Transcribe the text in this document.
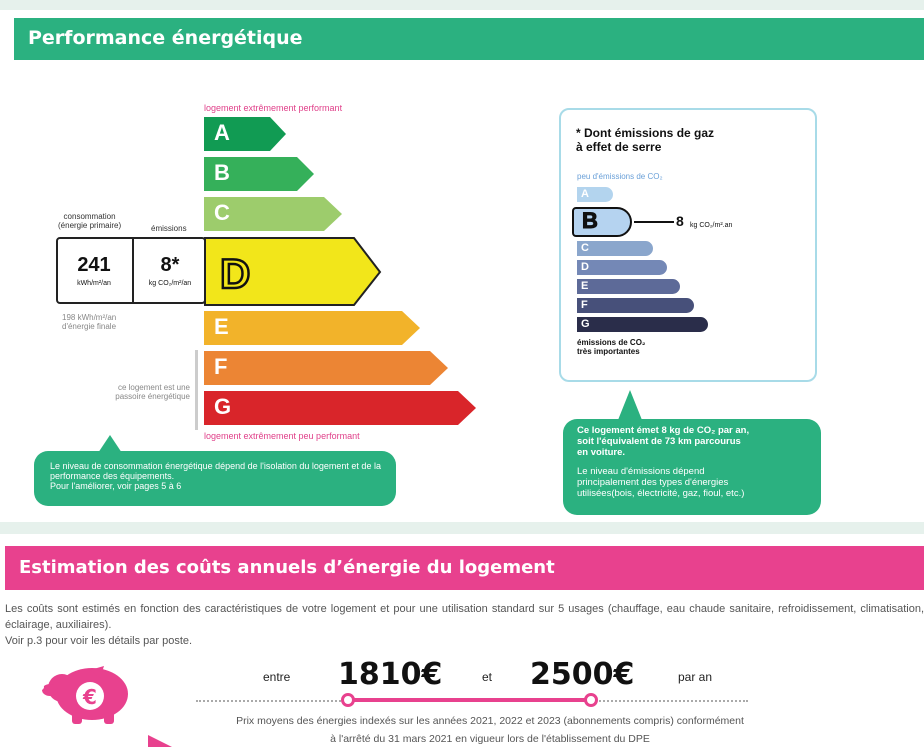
Performance énergétique
logement extrêmement performant
A
B
C
D
E
F
G
logement extrêmement peu performant
consommation
(énergie primaire)	émissions
241
kWh/m²/an
8*
kg CO₂/m²/an
198 kWh/m²/an
d'énergie finale
ce logement est une
passoire énergétique
Le niveau de consommation énergétique dépend de l'isolation du logement et de la performance des équipements.
Pour l'améliorer, voir pages 5 à 6
* Dont émissions de gaz
à effet de serre
peu d'émissions de CO₂
A
B	8 kg CO₂/m².an
C
D
E
F
G
émissions de CO₂
très importantes
Ce logement émet 8 kg de CO₂ par an,
soit l'équivalent de 73 km parcourus
en voiture.
Le niveau d'émissions dépend
principalement des types d'énergies
utilisées(bois, électricité, gaz, fioul, etc.)
Estimation des coûts annuels d’énergie du logement
Les coûts sont estimés en fonction des caractéristiques de votre logement et pour une utilisation standard sur 5 usages (chauffage, eau chaude sanitaire, refroidissement, climatisation, éclairage, auxiliaires).
Voir p.3 pour voir les détails par poste.
€
entre 1810€	et 2500€	par an
Prix moyens des énergies indexés sur les années 2021, 2022 et 2023 (abonnements compris) conformément
à l'arrêté du 31 mars 2021 en vigueur lors de l'établissement du DPE
